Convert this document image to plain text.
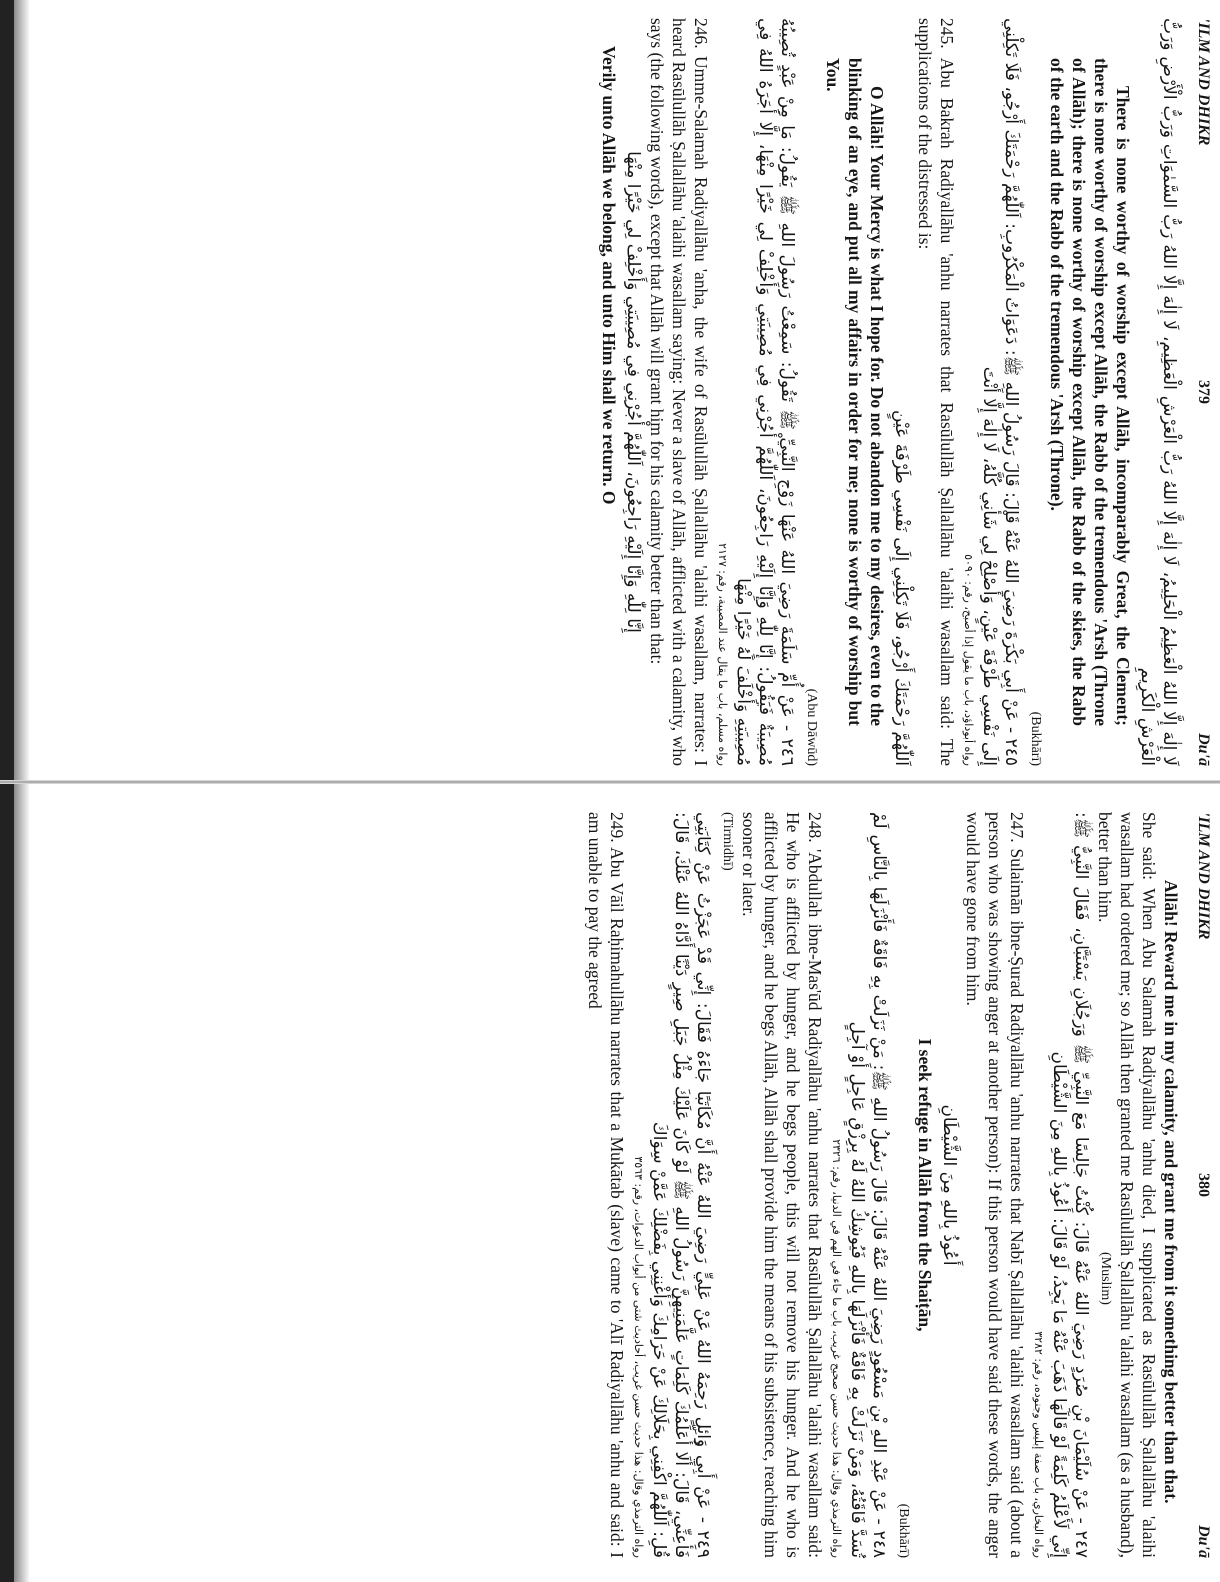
'ILM AND DHIKR
379
Du'ā

لَا إِلٰهَ إِلَّا اللهُ الْعَظِيمُ الْحَلِيمُ، لَا إِلٰهَ إِلَّا اللهُ رَبُّ الْعَرْشِ الْعَظِيمِ، لَا إِلٰهَ إِلَّا اللهُ رَبُّ السَّمٰوَاتِ وَرَبُّ الْأَرْضِ وَرَبُّ الْعَرْشِ الْكَرِيمِ

There is none worthy of worship except Allāh, incomparably Great, the Clement; there is none worthy of worship except Allāh, the Rabb of the tremendous 'Arsh (Throne of Allāh); there is none worthy of worship except Allāh, the Rabb of the skies, the Rabb of the earth and the Rabb of the tremendous 'Arsh (Throne).

(Bukhārī)

٢٤٥ - عَنْ أَبِي بَكْرَةَ رَضِيَ اللهُ عَنْهُ قَالَ: قَالَ رَسُولُ اللهِ ﷺ: دَعَوَاتُ الْمَكْرُوبِ: اَللّٰهُمَّ رَحْمَتَكَ أَرْجُو، فَلَا تَكِلْنِي إِلَى نَفْسِي طَرْفَةَ عَيْنٍ، وَأَصْلِحْ لِي شَأْنِي كُلَّهُ، لَا إِلٰهَ إِلَّا أَنْتَ

رواه أبوداؤد، باب ما يقول إذا أصبح، رقم: ٥٠٩٠

245. Abu Bakrah Radiyallāhu 'anhu narrates that Rasūlullāh Ṣallallāhu 'alaihi wasallam said: The supplications of the distressed is:

اَللّٰهُمَّ رَحْمَتَكَ أَرْجُو، فَلَا تَكِلْنِي إِلَى نَفْسِي طَرْفَةَ عَيْنٍ

O Allāh! Your Mercy is what I hope for. Do not abandon me to my desires, even to the blinking of an eye, and put all my affairs in order for me; none is worthy of worship but You.

(Abu Dāwūd)

٢٤٦ - عَنْ أُمِّ سَلَمَةَ رَضِيَ اللهُ عَنْهَا زَوْجِ النَّبِيِّ ﷺ تَقُولُ: سَمِعْتُ رَسُولَ اللهِ ﷺ يَقُولُ: مَا مِنْ عَبْدٍ تُصِيبُهُ مُصِيبَةٌ فَيَقُولُ: إِنَّا لِلّٰهِ وَإِنَّا إِلَيْهِ رَاجِعُونَ، اَللّٰهُمَّ أْجُرْنِي فِي مُصِيبَتِي وَأَخْلِفْ لِي خَيْرًا مِنْهَا، إِلَّا أَجَرَهُ اللهُ فِي مُصِيبَتِهِ وَأَخْلَفَ لَهُ خَيْرًا مِنْهَا

رواه مسلم، باب ما يقال عند المصيبة، رقم: ٢١٢٧

246. Umme-Salamah Radiyallāhu 'anha, the wife of Rasūlullāh Ṣallallāhu 'alaihi wasallam, narrates: I heard Rasūlullāh Ṣallallāhu 'alaihi wasallam saying: Never a slave of Allāh, afflicted with a calamity, who says (the following words), except that Allāh will grant him for his calamity better than that:

إِنَّا لِلّٰهِ وَإِنَّا إِلَيْهِ رَاجِعُونَ، اَللّٰهُمَّ أْجُرْنِي فِي مُصِيبَتِي وَأَخْلِفْ لِي خَيْرًا مِنْهَا

Verily unto Allāh we belong, and unto Him shall we return. O

'ILM AND DHIKR
380
Du'ā

Allāh! Reward me in my calamity, and grant me from it something better than that.

She said: When Abu Salamah Radiyallāhu 'anhu died, I supplicated as Rasūlullāh Ṣallallāhu 'alaihi wasallam had ordered me; so Allāh then granted me Rasūlullāh Ṣallallāhu 'alaihi wasallam (as a husband), better than him.

(Muslim)

٢٤٧ - عَنْ سُلَيْمَانَ بْنِ صُرَدٍ رَضِيَ اللهُ عَنْهُ قَالَ: كُنْتُ جَالِسًا مَعَ النَّبِيِّ ﷺ وَرَجُلَانِ يَسْتَبَّانِ، فَقَالَ النَّبِيُّ ﷺ: إِنِّي لَأَعْلَمُ كَلِمَةً لَوْ قَالَهَا ذَهَبَ عَنْهُ مَا يَجِدُ، لَوْ قَالَ: أَعُوذُ بِاللهِ مِنَ الشَّيْطَانِ

رواه البخاري، باب صفة إبليس وجنوده، رقم: ٣٢٨٢

247. Sulaimān ibne-Ṣurad Radiyallāhu 'anhu narrates that Nabī Ṣallallāhu 'alaihi wasallam said (about a person who was showing anger at another person): If this person would have said these words, the anger would have gone from him.

أَعُوذُ بِاللهِ مِنَ الشَّيْطَانِ

I seek refuge in Allāh from the Shaiṭān,

(Bukhārī)

٢٤٨ - عَنْ عَبْدِ اللهِ بْنِ مَسْعُودٍ رَضِيَ اللهُ عَنْهُ قَالَ: قَالَ رَسُولُ اللهِ ﷺ: مَنْ نَزَلَتْ بِهِ فَاقَةٌ فَأَنْزَلَهَا بِالنَّاسِ لَمْ تُسَدَّ فَاقَتُهُ، وَمَنْ نَزَلَتْ بِهِ فَاقَةٌ فَأَنْزَلَهَا بِاللهِ فَيُوشِكُ اللهُ لَهُ بِرِزْقٍ عَاجِلٍ أَوْ آجِلٍ

رواه الترمذي وقال: هذا حديث حسن صحيح غريب، باب ما جاء في الهم في الدنيا، رقم: ٢٣٢٦

248. 'Abdullah ibne-Mas'ūd Radiyallāhu 'anhu narrates that Rasūlullāh Ṣallallāhu 'alaihi wasallam said: He who is afflicted by hunger, and he begs people, this will not remove his hunger. And he who is afflicted by hunger, and he begs Allāh, Allāh shall provide him the means of his subsistence, reaching him sooner or later.

(Tirmidhī)

٢٤٩ - عَنْ أَبِي وَائِلٍ رَحِمَهُ اللهُ عَنْ عَلِيٍّ رَضِيَ اللهُ عَنْهُ أَنَّ مُكَاتَبًا جَاءَهُ فَقَالَ: إِنِّي قَدْ عَجَزْتُ عَنْ كِتَابَتِي فَأَعِنِّي، قَالَ: أَلَا أُعَلِّمُكَ كَلِمَاتٍ عَلَّمَنِيهِنَّ رَسُولُ اللهِ ﷺ لَوْ كَانَ عَلَيْكَ مِثْلُ جَبَلِ صِيرٍ دَيْنًا أَدَّاهُ اللهُ عَنْكَ، قَالَ: قُلِ: اَللّٰهُمَّ اكْفِنِي بِحَلَالِكَ عَنْ حَرَامِكَ وَأَغْنِنِي بِفَضْلِكَ عَمَّنْ سِوَاكَ

رواه الترمذي وقال: هذا حديث حسن غريب، أحاديث شتى من أبواب الدعوات، رقم: ٣٥٦٣

249. Abu Vāil Raḥimahullāhu narrates that a Mukātab (slave) came to 'Alī Radiyallāhu 'anhu and said: I am unable to pay the agreed
